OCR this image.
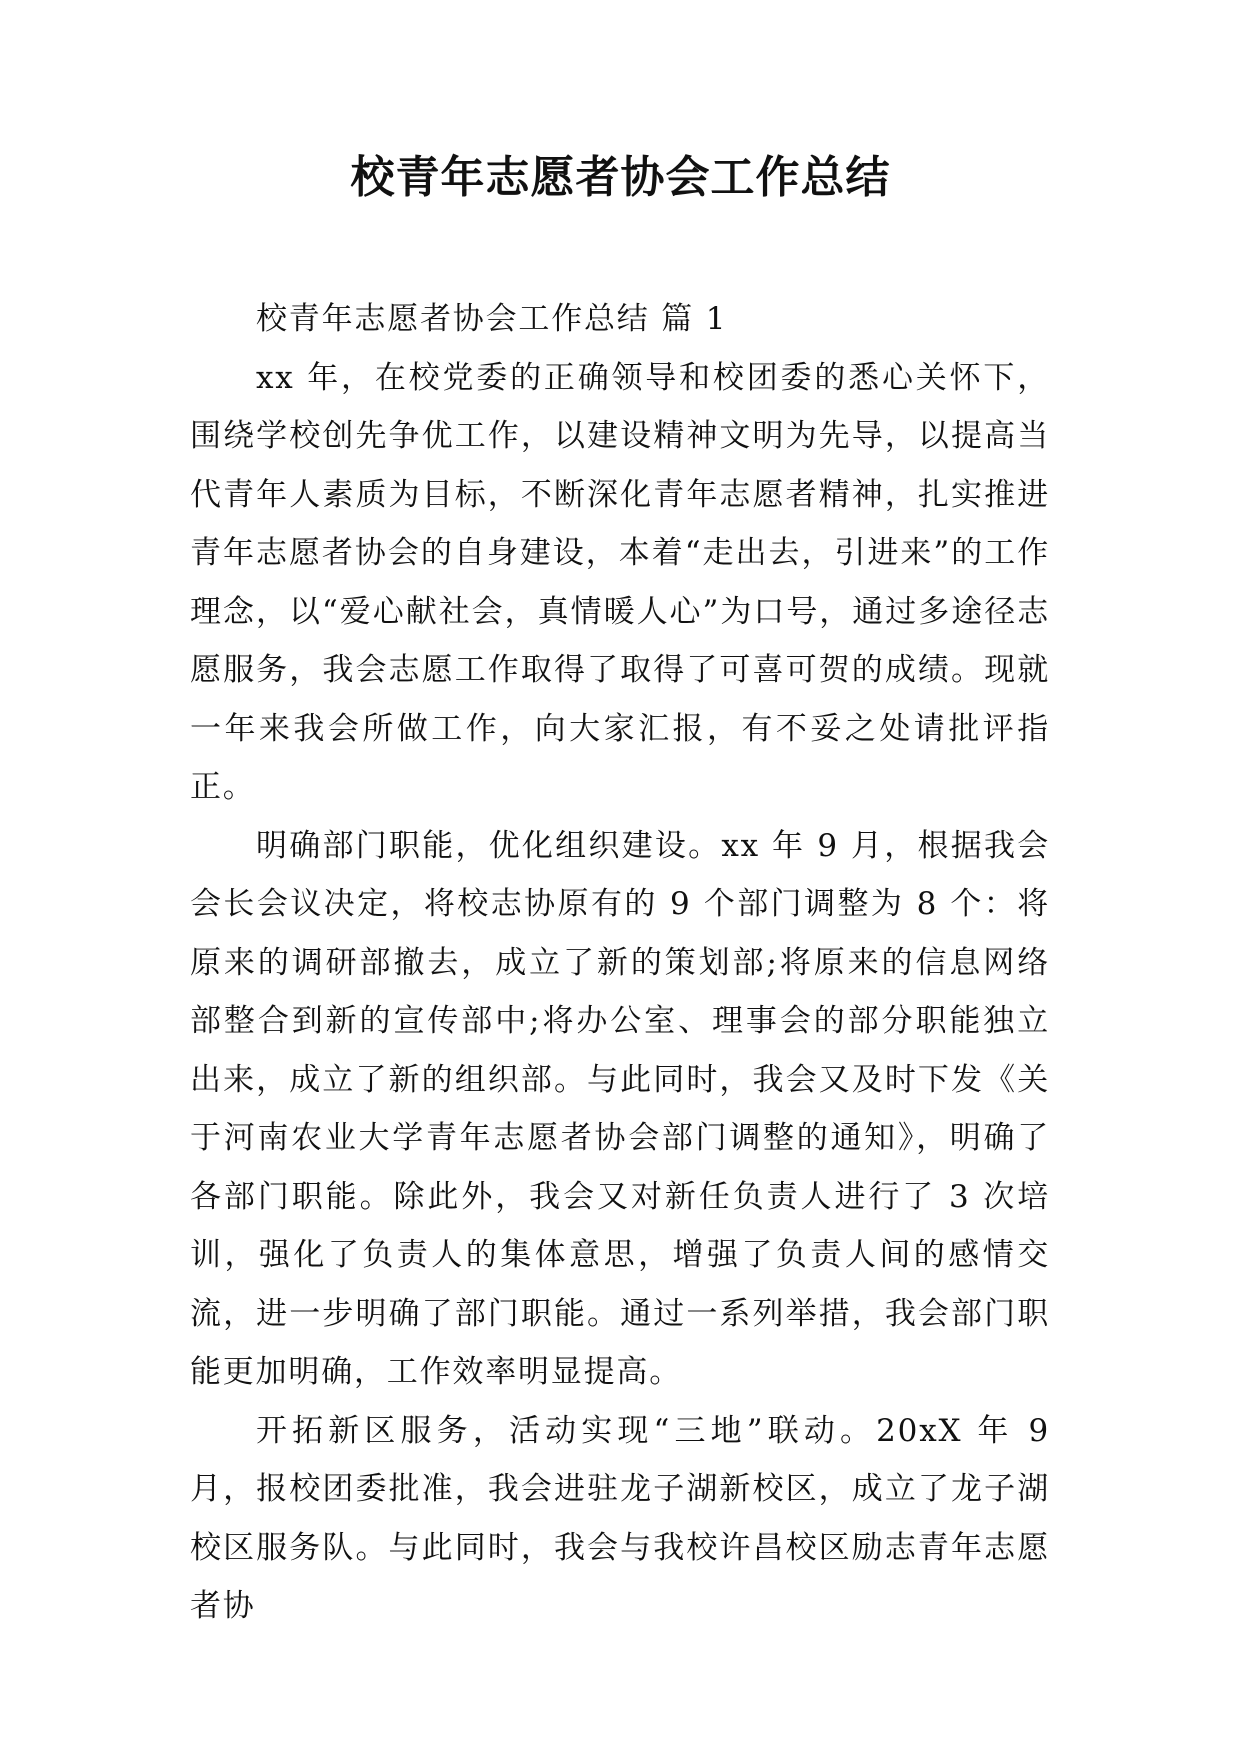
校青年志愿者协会工作总结

校青年志愿者协会工作总结 篇 1

xx 年，在校党委的正确领导和校团委的悉心关怀下，围绕学校创先争优工作，以建设精神文明为先导，以提高当代青年人素质为目标，不断深化青年志愿者精神，扎实推进青年志愿者协会的自身建设，本着“走出去，引进来”的工作理念，以“爱心献社会，真情暖人心”为口号，通过多途径志愿服务，我会志愿工作取得了取得了可喜可贺的成绩。现就一年来我会所做工作，向大家汇报，有不妥之处请批评指正。

明确部门职能，优化组织建设。xx 年 9 月，根据我会会长会议决定，将校志协原有的 9 个部门调整为 8 个：将原来的调研部撤去，成立了新的策划部;将原来的信息网络部整合到新的宣传部中;将办公室、理事会的部分职能独立出来，成立了新的组织部。与此同时，我会又及时下发《关于河南农业大学青年志愿者协会部门调整的通知》，明确了各部门职能。除此外，我会又对新任负责人进行了 3 次培训，强化了负责人的集体意思，增强了负责人间的感情交流，进一步明确了部门职能。通过一系列举措，我会部门职能更加明确，工作效率明显提高。

开拓新区服务，活动实现“三地”联动。20xX 年 9 月，报校团委批准，我会进驻龙子湖新校区，成立了龙子湖校区服务队。与此同时，我会与我校许昌校区励志青年志愿者协
